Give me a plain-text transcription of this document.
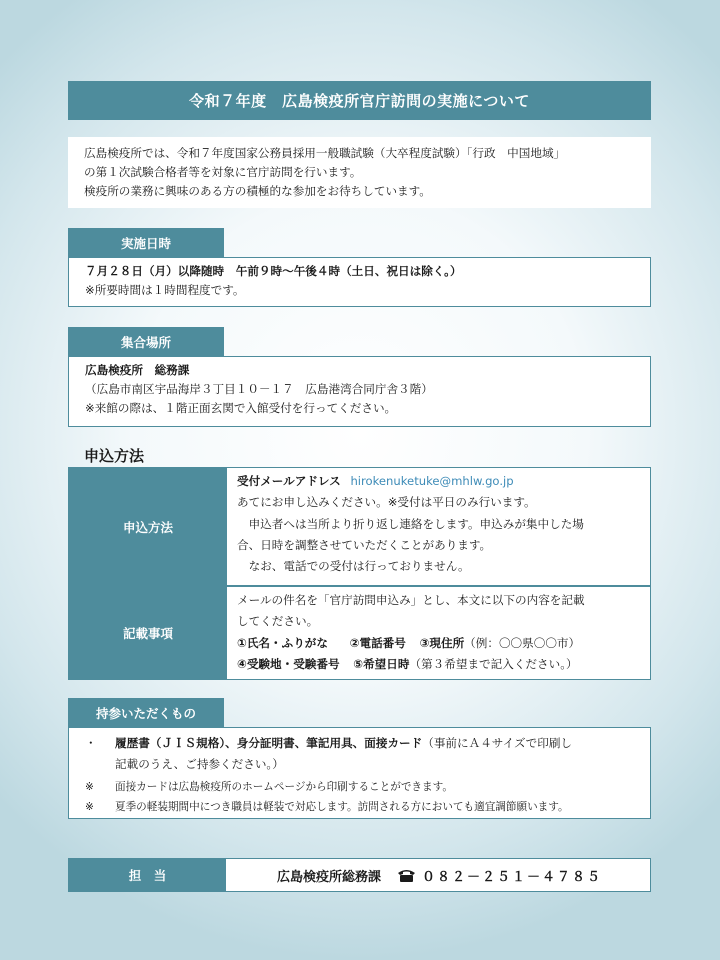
令和７年度　広島検疫所官庁訪問の実施について
広島検疫所では、令和７年度国家公務員採用一般職試験（大卒程度試験）「行政　中国地域」
の第１次試験合格者等を対象に官庁訪問を行います。
検疫所の業務に興味のある方の積極的な参加をお待ちしています。
実施日時
７月２８日（月）以降随時　午前９時～午後４時（土日、祝日は除く。）
※所要時間は１時間程度です。
集合場所
広島検疫所　総務課
（広島市南区宇品海岸３丁目１０－１７　広島港湾合同庁舎３階）
※来館の際は、１階正面玄関で入館受付を行ってください。
申込方法
申込方法
受付メールアドレス hirokenuketuke@mhlw.go.jp
あてにお申し込みください。※受付は平日のみ行います。
　申込者へは当所より折り返し連絡をします。申込みが集中した場
合、日時を調整させていただくことがあります。
　なお、電話での受付は行っておりません。
記載事項
メールの件名を「官庁訪問申込み」とし、本文に以下の内容を記載
してください。
①氏名・ふりがな ②電話番号 ③現住所（例：〇〇県〇〇市）
④受験地・受験番号 ⑤希望日時（第３希望まで記入ください。）
持参いただくもの
・	履歴書（ＪＩＳ規格）、身分証明書、筆記用具、面接カード（事前にＡ４サイズで印刷し
記載のうえ、ご持参ください。）
※	面接カードは広島検疫所のホームページから印刷することができます。
※	夏季の軽装期間中につき職員は軽装で対応します。訪問される方においても適宜調節願います。
担　当	広島検疫所総務課	０８２－２５１－４７８５
